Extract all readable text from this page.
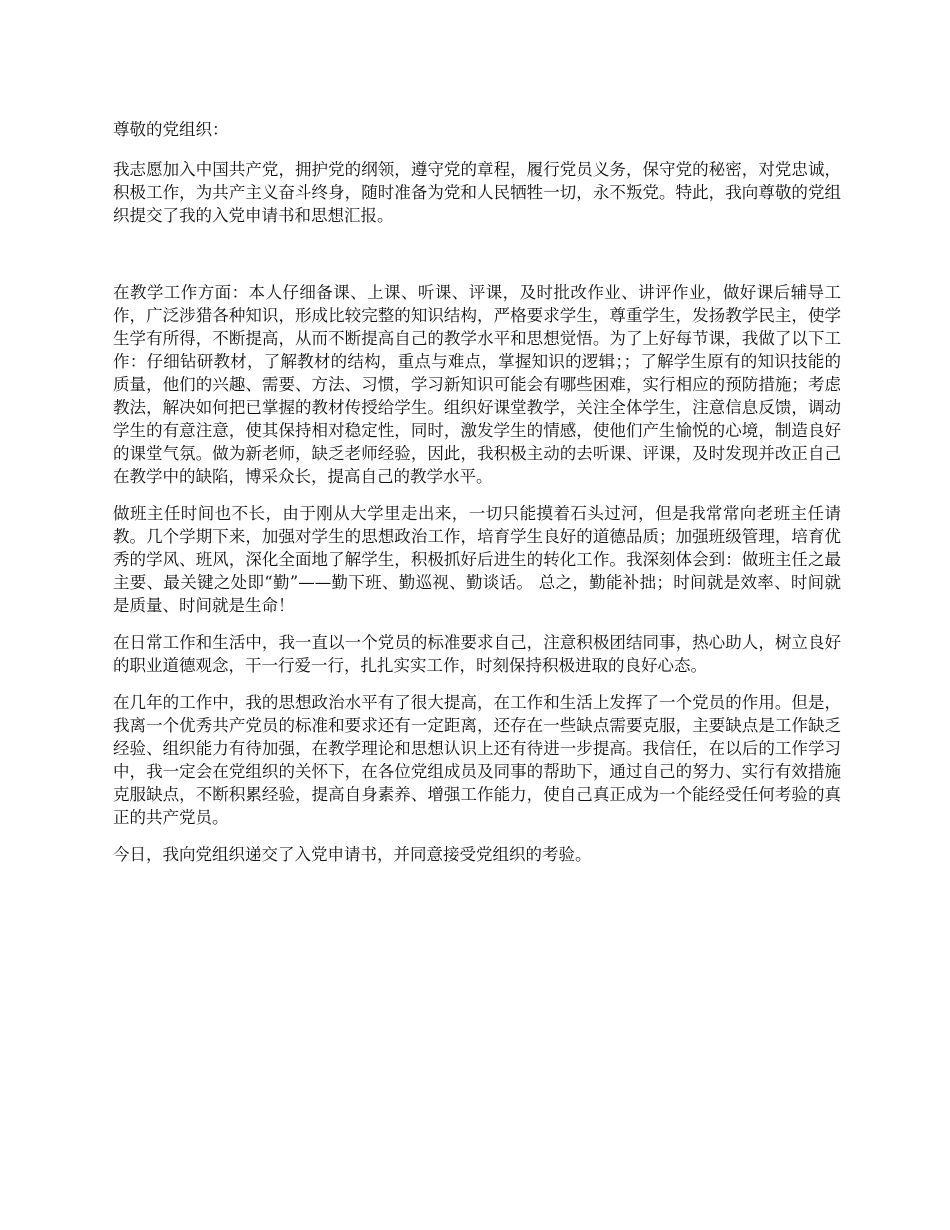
尊敬的党组织：

我志愿加入中国共产党，拥护党的纲领，遵守党的章程，履行党员义务，保守党的秘密，对党忠诚，积极工作，为共产主义奋斗终身，随时准备为党和人民牺牲一切，永不叛党。特此，我向尊敬的党组织提交了我的入党申请书和思想汇报。

在教学工作方面：本人仔细备课、上课、听课、评课，及时批改作业、讲评作业，做好课后辅导工作，广泛涉猎各种知识，形成比较完整的知识结构，严格要求学生，尊重学生，发扬教学民主，使学生学有所得，不断提高，从而不断提高自己的教学水平和思想觉悟。为了上好每节课，我做了以下工作：仔细钻研教材，了解教材的结构，重点与难点，掌握知识的逻辑；；了解学生原有的知识技能的质量，他们的兴趣、需要、方法、习惯，学习新知识可能会有哪些困难，实行相应的预防措施；考虑教法，解决如何把已掌握的教材传授给学生。组织好课堂教学，关注全体学生，注意信息反馈，调动学生的有意注意，使其保持相对稳定性，同时，激发学生的情感，使他们产生愉悦的心境，制造良好的课堂气氛。做为新老师，缺乏老师经验，因此，我积极主动的去听课、评课，及时发现并改正自己在教学中的缺陷，博采众长，提高自己的教学水平。

做班主任时间也不长，由于刚从大学里走出来，一切只能摸着石头过河，但是我常常向老班主任请教。几个学期下来，加强对学生的思想政治工作，培育学生良好的道德品质；加强班级管理，培育优秀的学风、班风，深化全面地了解学生，积极抓好后进生的转化工作。我深刻体会到：做班主任之最主要、最关键之处即“勤”——勤下班、勤巡视、勤谈话。 总之，勤能补拙；时间就是效率、时间就是质量、时间就是生命！

在日常工作和生活中，我一直以一个党员的标准要求自己，注意积极团结同事，热心助人，树立良好的职业道德观念，干一行爱一行，扎扎实实工作，时刻保持积极进取的良好心态。

在几年的工作中，我的思想政治水平有了很大提高，在工作和生活上发挥了一个党员的作用。但是，我离一个优秀共产党员的标准和要求还有一定距离，还存在一些缺点需要克服，主要缺点是工作缺乏经验、组织能力有待加强，在教学理论和思想认识上还有待进一步提高。我信任，在以后的工作学习中，我一定会在党组织的关怀下，在各位党组成员及同事的帮助下，通过自己的努力、实行有效措施克服缺点，不断积累经验，提高自身素养、增强工作能力，使自己真正成为一个能经受任何考验的真正的共产党员。

今日，我向党组织递交了入党申请书，并同意接受党组织的考验。
